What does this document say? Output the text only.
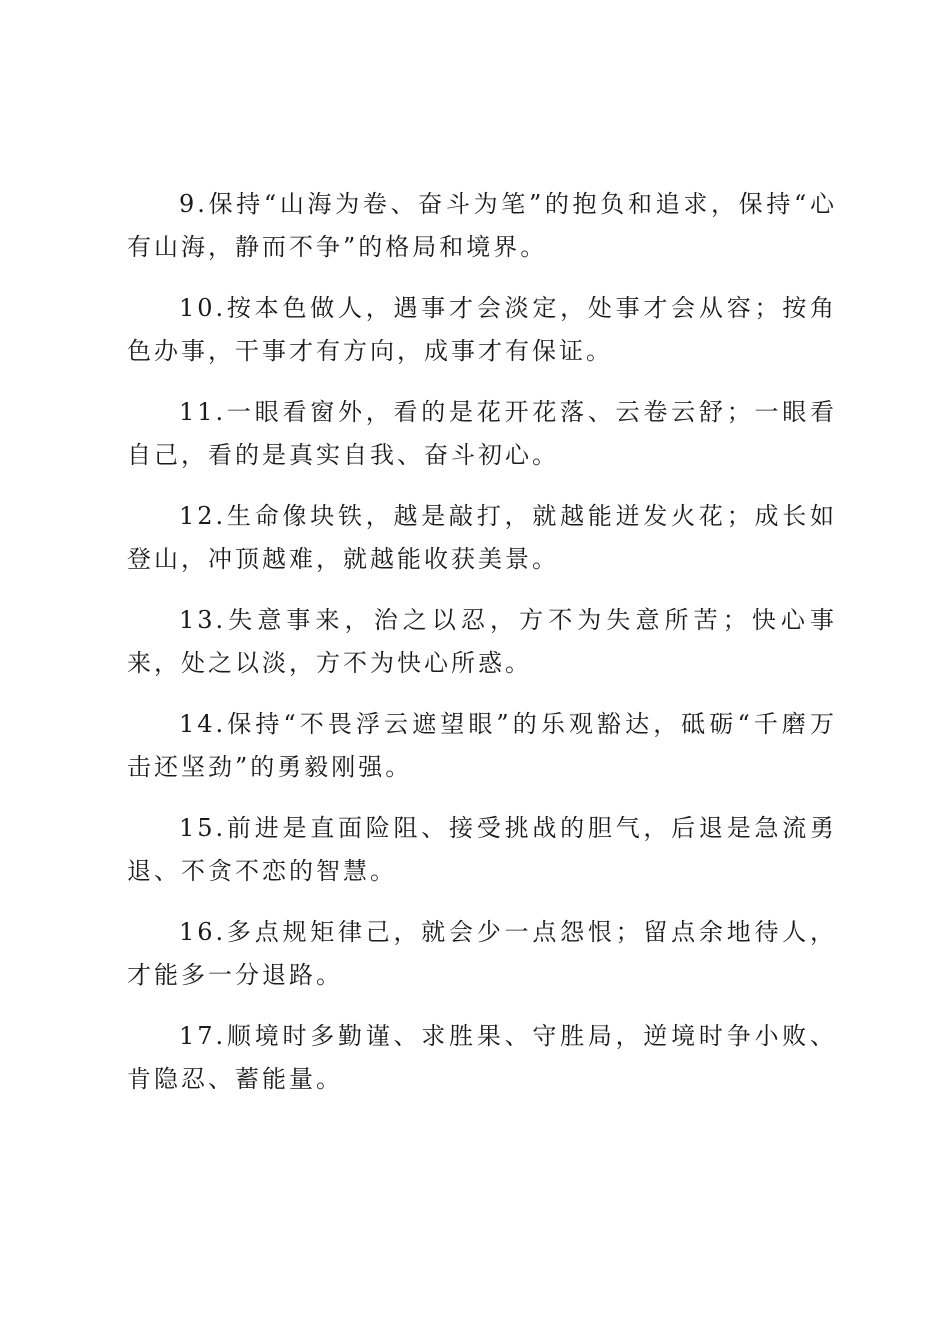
9.保持“山海为卷、奋斗为笔”的抱负和追求，保持“心有山海，静而不争”的格局和境界。

10.按本色做人，遇事才会淡定，处事才会从容；按角色办事，干事才有方向，成事才有保证。

11.一眼看窗外，看的是花开花落、云卷云舒；一眼看自己，看的是真实自我、奋斗初心。

12.生命像块铁，越是敲打，就越能迸发火花；成长如登山，冲顶越难，就越能收获美景。

13.失意事来，治之以忍，方不为失意所苦；快心事来，处之以淡，方不为快心所惑。

14.保持“不畏浮云遮望眼”的乐观豁达，砥砺“千磨万击还坚劲”的勇毅刚强。

15.前进是直面险阻、接受挑战的胆气，后退是急流勇退、不贪不恋的智慧。

16.多点规矩律己，就会少一点怨恨；留点余地待人，才能多一分退路。

17.顺境时多勤谨、求胜果、守胜局，逆境时争小败、肯隐忍、蓄能量。
